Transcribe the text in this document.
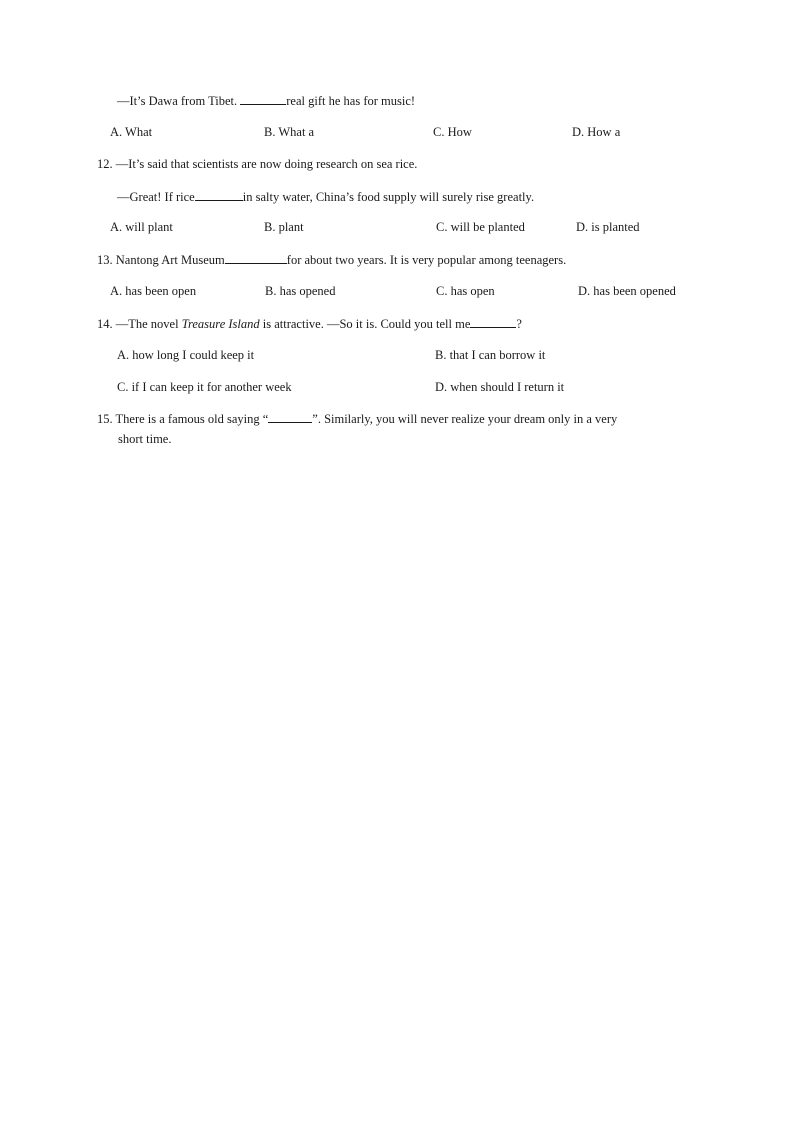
—It’s Dawa from Tibet.	real gift he has for music!
A. What	B. What a	C. How	D. How a
12. —It’s said that scientists are now doing research on sea rice.
—Great! If rice	in salty water, China’s food supply will surely rise greatly.
A. will plant	B. plant	C. will be planted	D. is planted
13. Nantong Art Museum	for about two years. It is very popular among teenagers.
A. has been open	B. has opened	C. has open	D. has been opened
14. —The novel Treasure Island is attractive. —So it is. Could you tell me	?
A. how long I could keep it	B. that I can borrow it
C. if I can keep it for another week	D. when should I return it
15. There is a famous old saying “	”. Similarly, you will never realize your dream only in a very
short time.
